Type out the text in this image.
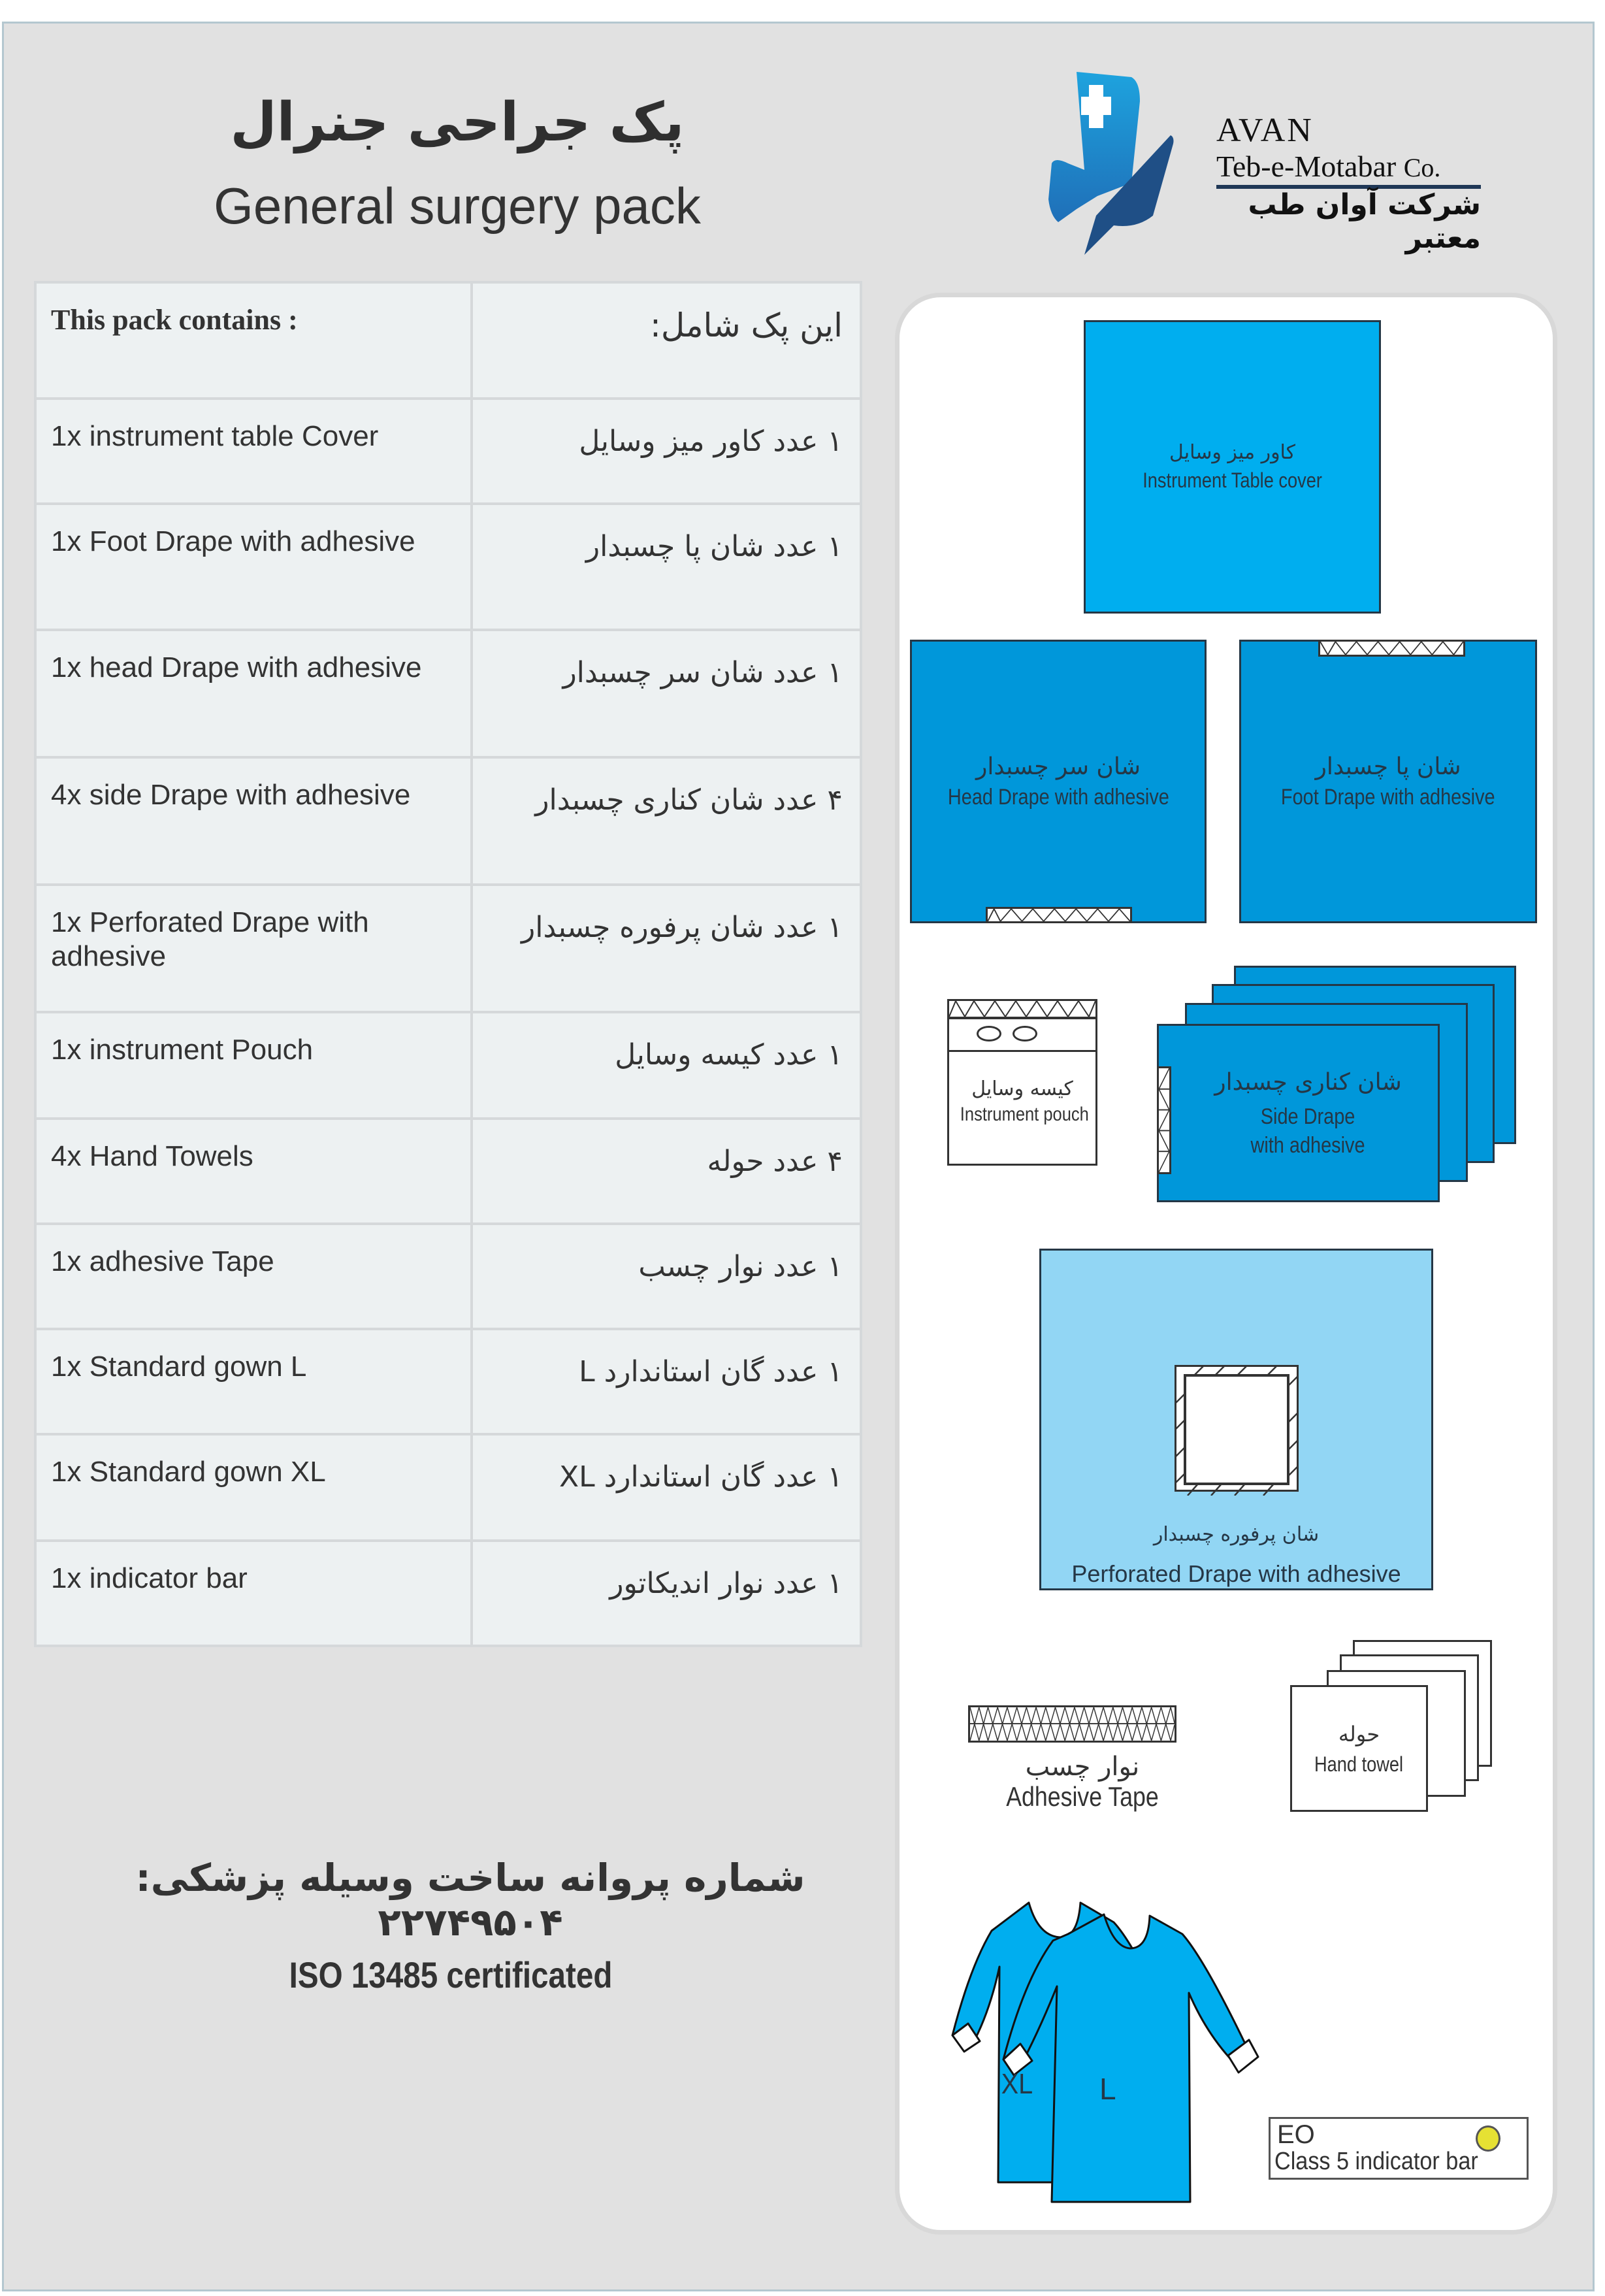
پک جراحی جنرال
General surgery pack
AVAN
Teb-e-Motabar Co.
شرکت آوان طب معتبر
This pack contains :	این پک شامل:
1x instrument table Cover	۱ عدد کاور میز وسایل
1x Foot Drape with adhesive	۱ عدد شان پا چسبدار
1x head Drape with adhesive	۱ عدد شان سر چسبدار
4x side Drape with adhesive	۴ عدد شان کناری چسبدار
1x Perforated Drape with adhesive	۱ عدد شان پرفوره چسبدار
1x instrument Pouch	۱ عدد کیسه وسایل
4x Hand Towels	۴ عدد حوله
1x adhesive Tape	۱ عدد نوار چسب
1x Standard gown L	۱ عدد گان استاندارد L
1x Standard gown XL	۱ عدد گان استاندارد XL
1x indicator bar	۱ عدد نوار اندیکاتور
شماره پروانه ساخت وسیله پزشکی: ۲۲۷۴۹۵۰۴
ISO 13485 certificated
کاور میز وسایل
Instrument Table cover
شان سر چسبدار
Head Drape with adhesive
شان پا چسبدار
Foot Drape with adhesive
کیسه وسایل
Instrument pouch
شان کناری چسبدار
Side Drape
with adhesive
شان پرفوره چسبدار
Perforated Drape with adhesive
نوار چسب
Adhesive Tape
حوله
Hand towel
XL L
EO
Class 5 indicator bar
